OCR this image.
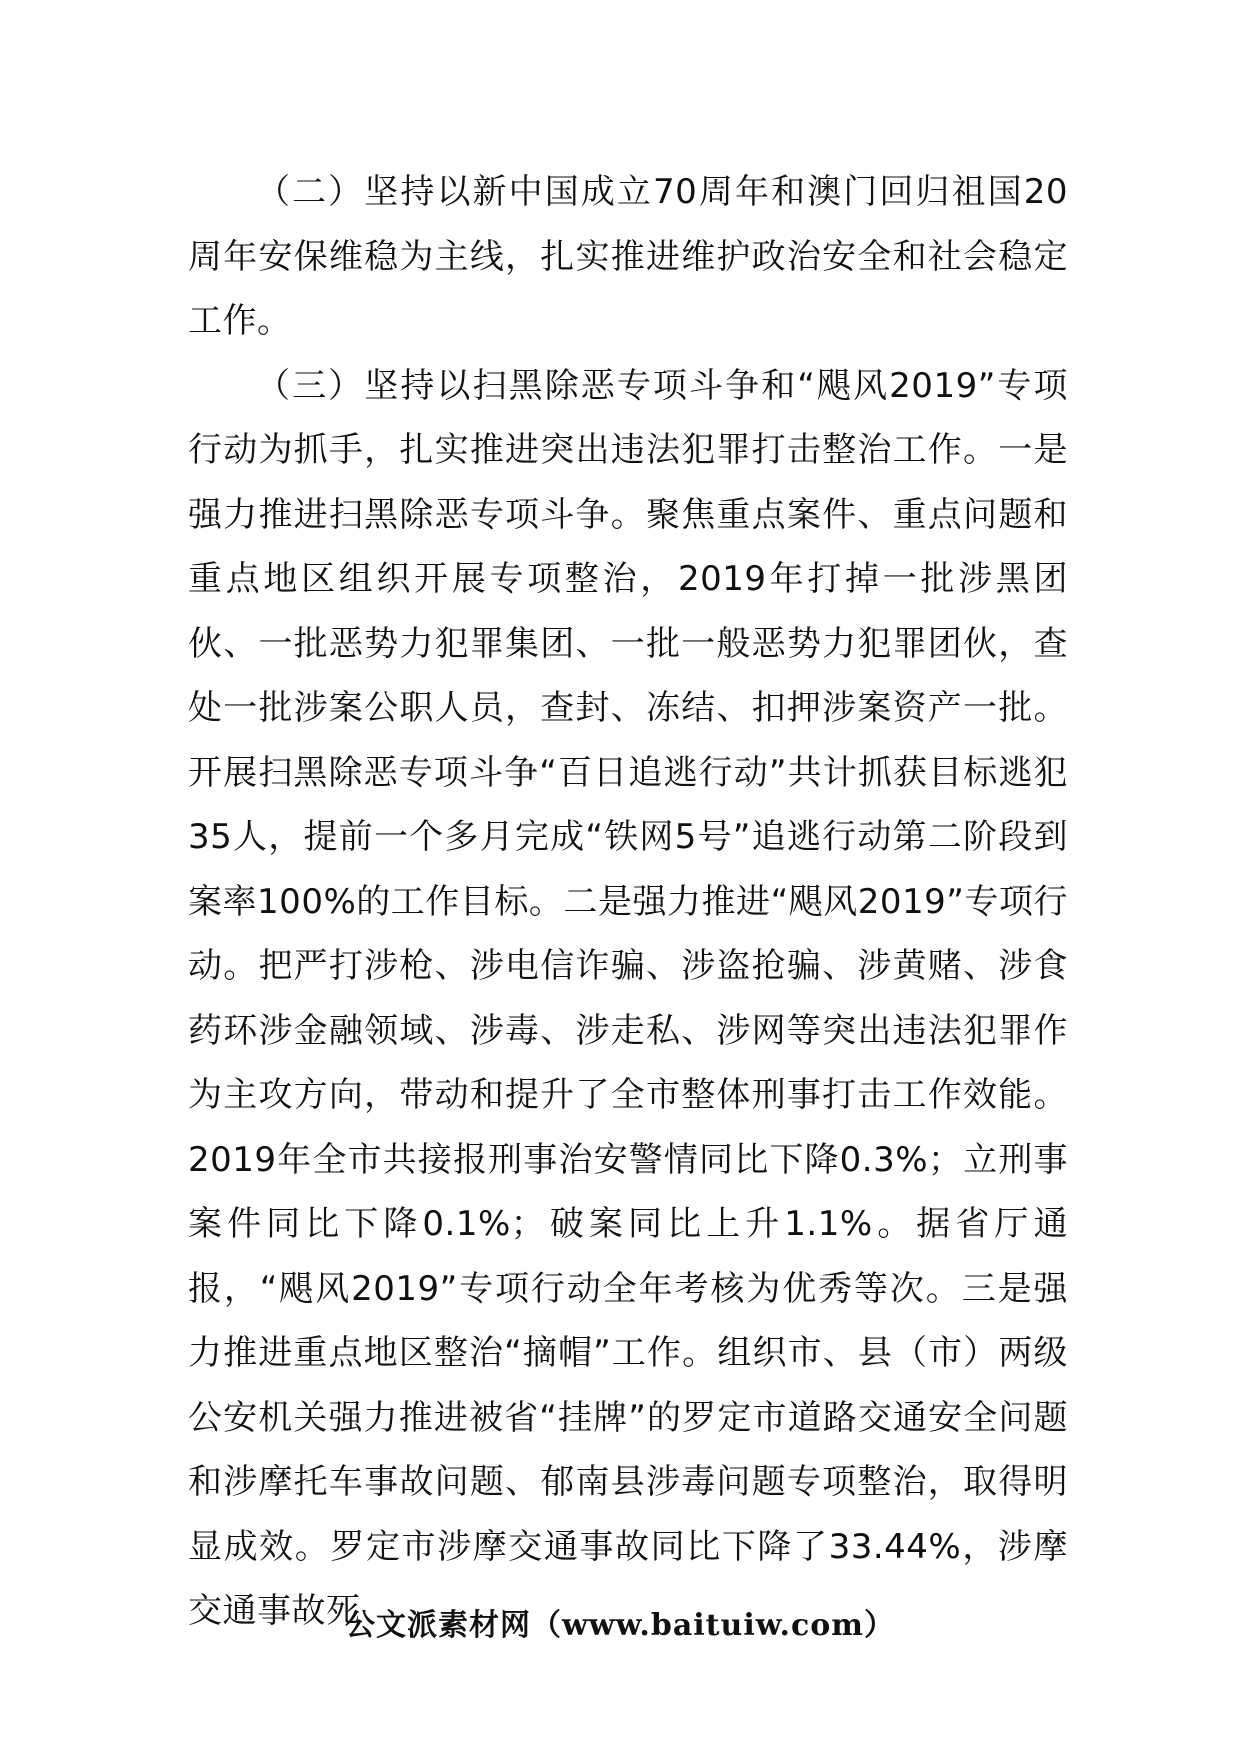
（二）坚持以新中国成立70周年和澳门回归祖国20周年安保维稳为主线，扎实推进维护政治安全和社会稳定工作。

（三）坚持以扫黑除恶专项斗争和“飓风2019”专项行动为抓手，扎实推进突出违法犯罪打击整治工作。一是强力推进扫黑除恶专项斗争。聚焦重点案件、重点问题和重点地区组织开展专项整治，2019年打掉一批涉黑团伙、一批恶势力犯罪集团、一批一般恶势力犯罪团伙，查处一批涉案公职人员，查封、冻结、扣押涉案资产一批。开展扫黑除恶专项斗争“百日追逃行动”共计抓获目标逃犯35人，提前一个多月完成“铁网5号”追逃行动第二阶段到案率100%的工作目标。二是强力推进“飓风2019”专项行动。把严打涉枪、涉电信诈骗、涉盗抢骗、涉黄赌、涉食药环涉金融领域、涉毒、涉走私、涉网等突出违法犯罪作为主攻方向，带动和提升了全市整体刑事打击工作效能。2019年全市共接报刑事治安警情同比下降0.3%；立刑事案件同比下降0.1%；破案同比上升1.1%。据省厅通报，“飓风2019”专项行动全年考核为优秀等次。三是强力推进重点地区整治“摘帽”工作。组织市、县（市）两级公安机关强力推进被省“挂牌”的罗定市道路交通安全问题和涉摩托车事故问题、郁南县涉毒问题专项整治，取得明显成效。罗定市涉摩交通事故同比下降了33.44%，涉摩交通事故死

公文派素材网（www.baituiw.com）
